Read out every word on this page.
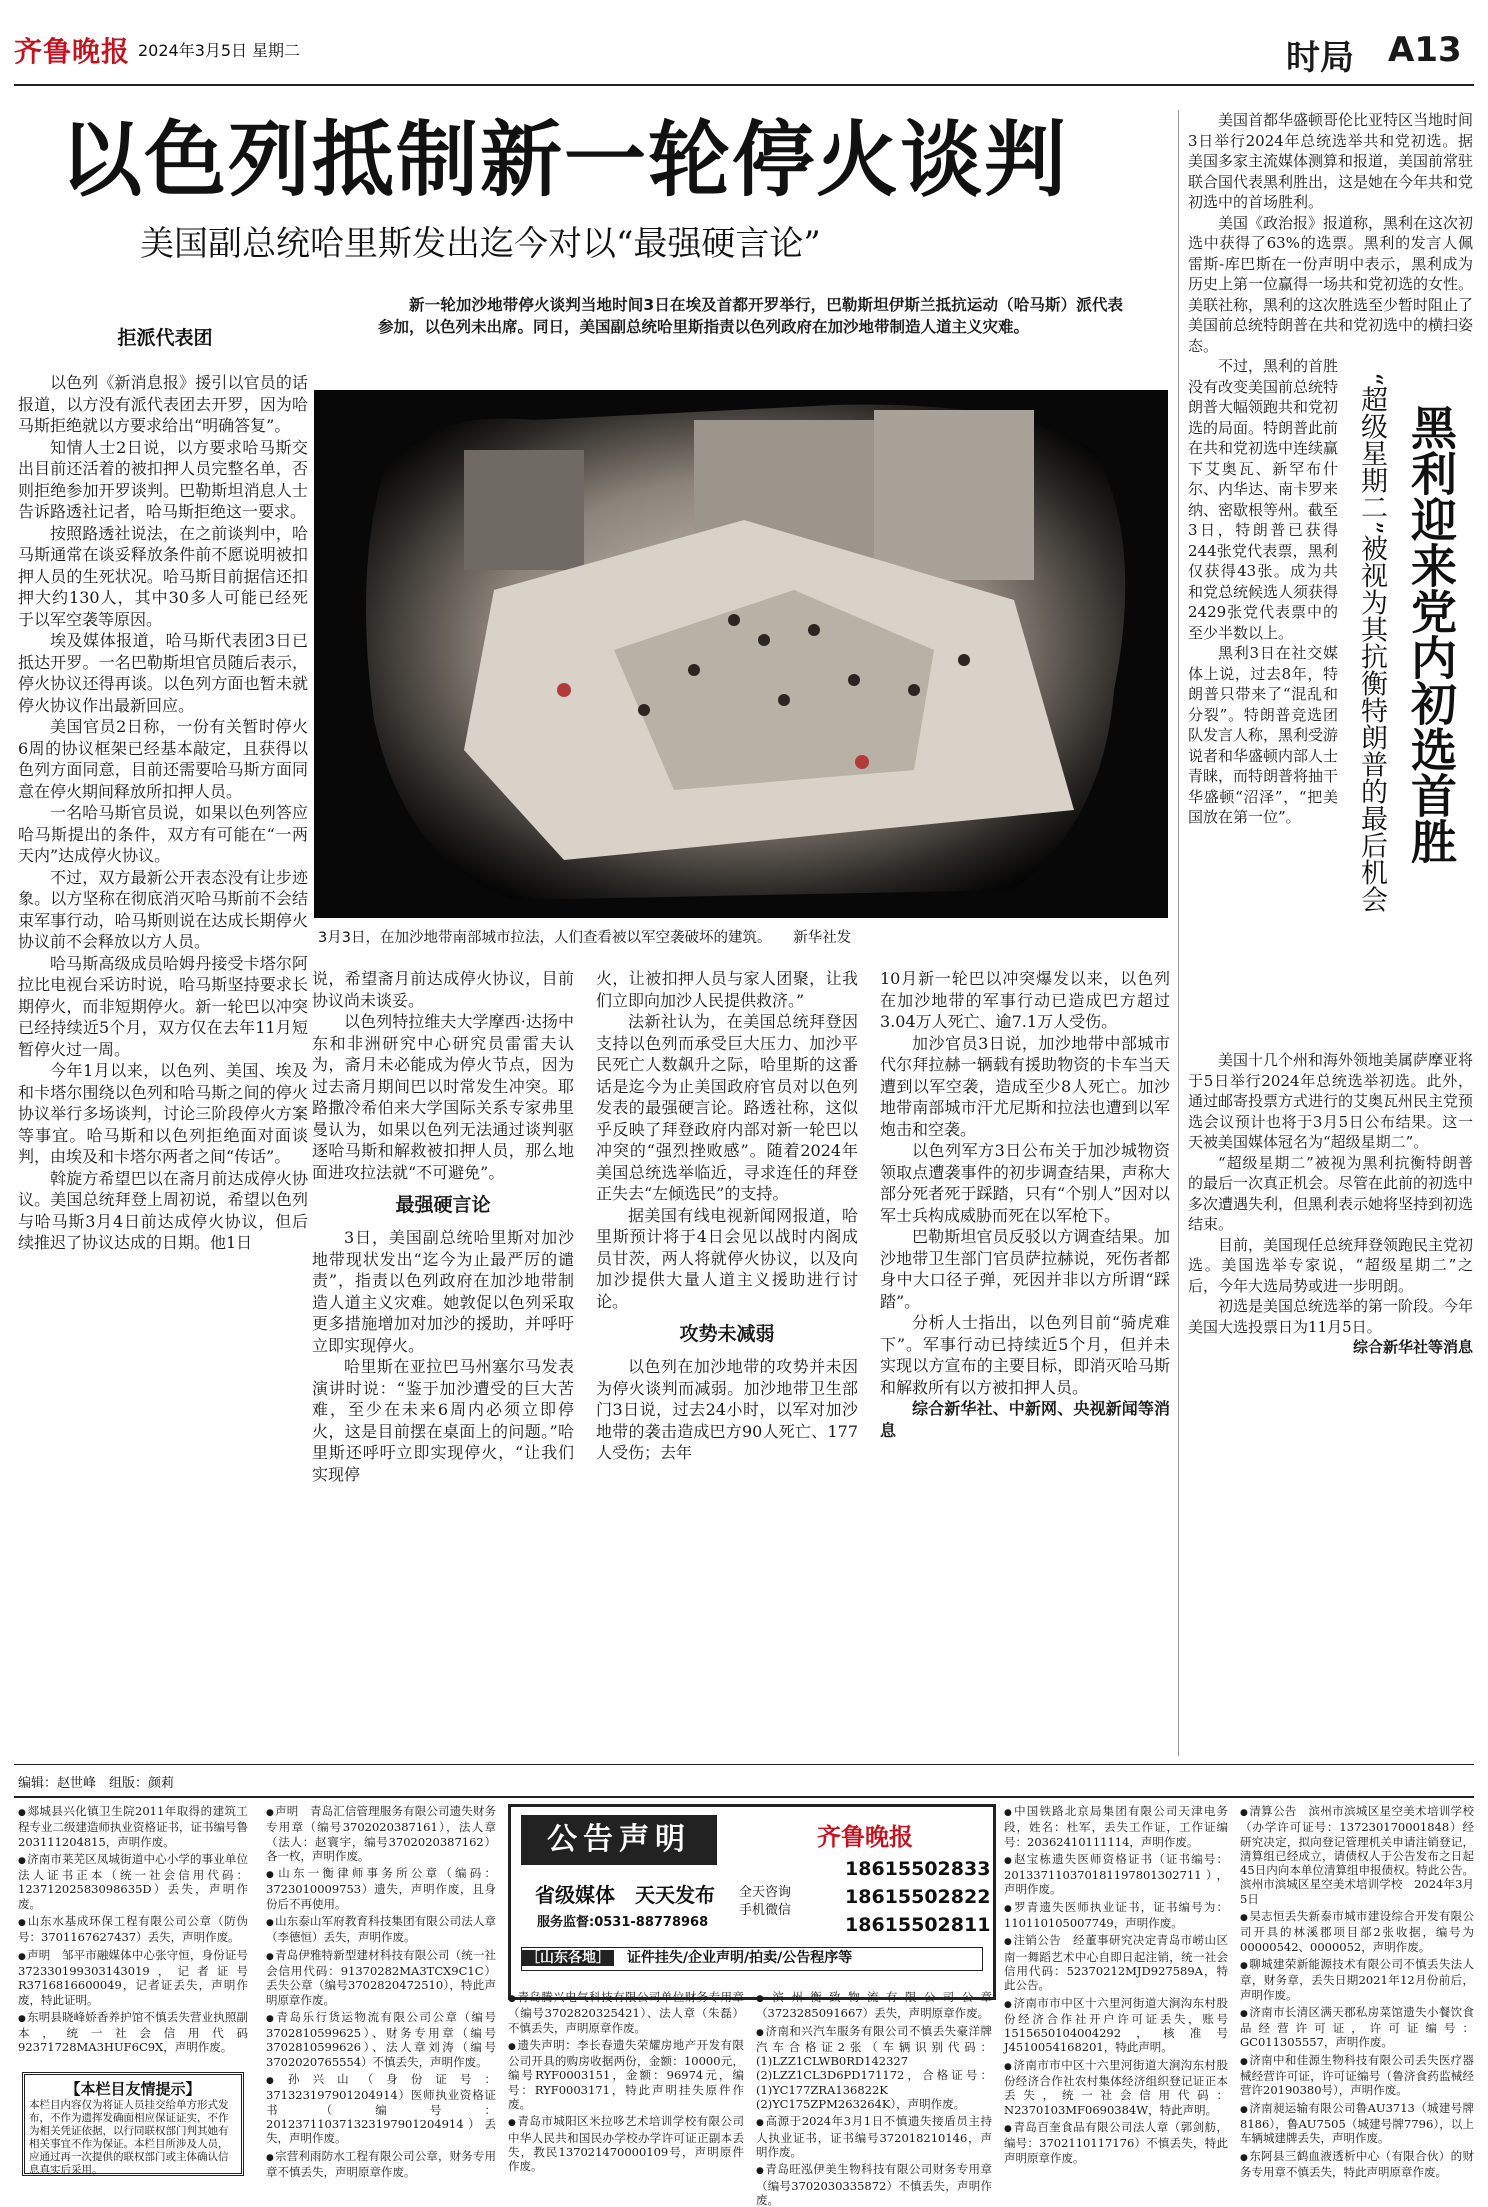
齐鲁晚报 2024年3月5日 星期二	时局 A13
以色列抵制新一轮停火谈判
美国副总统哈里斯发出迄今对以“最强硬言论”

新一轮加沙地带停火谈判当地时间3日在埃及首都开罗举行，巴勒斯坦伊斯兰抵抗运动（哈马斯）派代表参加，以色列未出席。同日，美国副总统哈里斯指责以色列政府在加沙地带制造人道主义灾难。

3月3日，在加沙地带南部城市拉法，人们查看被以军空袭破坏的建筑。　　新华社发
拒派代表团

以色列《新消息报》援引以官员的话报道，以方没有派代表团去开罗，因为哈马斯拒绝就以方要求给出“明确答复”。

知情人士2日说，以方要求哈马斯交出目前还活着的被扣押人员完整名单，否则拒绝参加开罗谈判。巴勒斯坦消息人士告诉路透社记者，哈马斯拒绝这一要求。

按照路透社说法，在之前谈判中，哈马斯通常在谈妥释放条件前不愿说明被扣押人员的生死状况。哈马斯目前据信还扣押大约130人，其中30多人可能已经死于以军空袭等原因。

埃及媒体报道，哈马斯代表团3日已抵达开罗。一名巴勒斯坦官员随后表示，停火协议还得再谈。以色列方面也暂未就停火协议作出最新回应。

美国官员2日称，一份有关暂时停火6周的协议框架已经基本敲定，且获得以色列方面同意，目前还需要哈马斯方面同意在停火期间释放所扣押人员。

一名哈马斯官员说，如果以色列答应哈马斯提出的条件，双方有可能在“一两天内”达成停火协议。

不过，双方最新公开表态没有让步迹象。以方坚称在彻底消灭哈马斯前不会结束军事行动，哈马斯则说在达成长期停火协议前不会释放以方人员。

哈马斯高级成员哈姆丹接受卡塔尔阿拉比电视台采访时说，哈马斯坚持要求长期停火，而非短期停火。新一轮巴以冲突已经持续近5个月，双方仅在去年11月短暂停火过一周。

今年1月以来，以色列、美国、埃及和卡塔尔围绕以色列和哈马斯之间的停火协议举行多场谈判，讨论三阶段停火方案等事宜。哈马斯和以色列拒绝面对面谈判，由埃及和卡塔尔两者之间“传话”。

斡旋方希望巴以在斋月前达成停火协议。美国总统拜登上周初说，希望以色列与哈马斯3月4日前达成停火协议，但后续推迟了协议达成的日期。他1日

说，希望斋月前达成停火协议，目前协议尚未谈妥。

以色列特拉维夫大学摩西·达扬中东和非洲研究中心研究员雷雷夫认为，斋月未必能成为停火节点，因为过去斋月期间巴以时常发生冲突。耶路撒冷希伯来大学国际关系专家弗里曼认为，如果以色列无法通过谈判驱逐哈马斯和解救被扣押人员，那么地面进攻拉法就“不可避免”。

最强硬言论

3日，美国副总统哈里斯对加沙地带现状发出“迄今为止最严厉的谴责”，指责以色列政府在加沙地带制造人道主义灾难。她敦促以色列采取更多措施增加对加沙的援助，并呼吁立即实现停火。

哈里斯在亚拉巴马州塞尔马发表演讲时说：“鉴于加沙遭受的巨大苦难，至少在未来6周内必须立即停火，这是目前摆在桌面上的问题。”哈里斯还呼吁立即实现停火，“让我们实现停

火，让被扣押人员与家人团聚，让我们立即向加沙人民提供救济。”

法新社认为，在美国总统拜登因支持以色列而承受巨大压力、加沙平民死亡人数飙升之际，哈里斯的这番话是迄今为止美国政府官员对以色列发表的最强硬言论。路透社称，这似乎反映了拜登政府内部对新一轮巴以冲突的“强烈挫败感”。随着2024年美国总统选举临近，寻求连任的拜登正失去“左倾选民”的支持。

据美国有线电视新闻网报道，哈里斯预计将于4日会见以战时内阁成员甘茨，两人将就停火协议，以及向加沙提供大量人道主义援助进行讨论。

攻势未减弱

以色列在加沙地带的攻势并未因为停火谈判而减弱。加沙地带卫生部门3日说，过去24小时，以军对加沙地带的袭击造成巴方90人死亡、177人受伤；去年

10月新一轮巴以冲突爆发以来，以色列在加沙地带的军事行动已造成巴方超过3.04万人死亡、逾7.1万人受伤。

加沙官员3日说，加沙地带中部城市代尔拜拉赫一辆载有援助物资的卡车当天遭到以军空袭，造成至少8人死亡。加沙地带南部城市汗尤尼斯和拉法也遭到以军炮击和空袭。

以色列军方3日公布关于加沙城物资领取点遭袭事件的初步调查结果，声称大部分死者死于踩踏，只有“个别人”因对以军士兵构成威胁而死在以军枪下。

巴勒斯坦官员反驳以方调查结果。加沙地带卫生部门官员萨拉赫说，死伤者都身中大口径子弹，死因并非以方所谓“踩踏”。

分析人士指出，以色列目前“骑虎难下”。军事行动已持续近5个月，但并未实现以方宣布的主要目标，即消灭哈马斯和解救所有以方被扣押人员。

综合新华社、中新网、央视新闻等消息

美国首都华盛顿哥伦比亚特区当地时间3日举行2024年总统选举共和党初选。据美国多家主流媒体测算和报道，美国前常驻联合国代表黑利胜出，这是她在今年共和党初选中的首场胜利。

美国《政治报》报道称，黑利在这次初选中获得了63%的选票。黑利的发言人佩雷斯-库巴斯在一份声明中表示，黑利成为历史上第一位赢得一场共和党初选的女性。美联社称，黑利的这次胜选至少暂时阻止了美国前总统特朗普在共和党初选中的横扫姿态。

不过，黑利的首胜没有改变美国前总统特朗普大幅领跑共和党初选的局面。特朗普此前在共和党初选中连续赢下艾奥瓦、新罕布什尔、内华达、南卡罗来纳、密歇根等州。截至3日，特朗普已获得244张党代表票，黑利仅获得43张。成为共和党总统候选人须获得2429张党代表票中的至少半数以上。

黑利3日在社交媒体上说，过去8年，特朗普只带来了“混乱和分裂”。特朗普竞选团队发言人称，黑利受游说者和华盛顿内部人士青睐，而特朗普将抽干华盛顿“沼泽”，“把美国放在第一位”。	黑利迎来党内初选首胜
“超级星期二”被视为其抗衡特朗普的最后机会

美国十几个州和海外领地美属萨摩亚将于5日举行2024年总统选举初选。此外，通过邮寄投票方式进行的艾奥瓦州民主党预选会议预计也将于3月5日公布结果。这一天被美国媒体冠名为“超级星期二”。

“超级星期二”被视为黑利抗衡特朗普的最后一次真正机会。尽管在此前的初选中多次遭遇失利，但黑利表示她将坚持到初选结束。

目前，美国现任总统拜登领跑民主党初选。美国选举专家说，“超级星期二”之后，今年大选局势或进一步明朗。

初选是美国总统选举的第一阶段。今年美国大选投票日为11月5日。

综合新华社等消息

编辑：赵世峰　组版：颜莉
●郯城县兴化镇卫生院2011年取得的建筑工程专业二级建造师执业资格证书，证书编号鲁203111204815，声明作废。
●济南市莱芜区凤城街道中心小学的事业单位法人证书正本（统一社会信用代码：12371202583098635D）丢失，声明作废。
●山东水基成环保工程有限公司公章（防伪号：3701167627437）丢失，声明作废。
●声明　邹平市融媒体中心张守恒，身份证号372330199303143019，记者证号R3716816600049，记者证丢失，声明作废，特此证明。
●东明县晓峰娇香养护馆不慎丢失营业执照副本，统一社会信用代码92371728MA3HUF6C9X，声明作废。
【本栏目友情提示】
本栏目内容仅为将证人员挂交给单方形式发布，不作为遗挥发确面相应保证证实，不作为相关凭证依据，以行同联权部门判其她有相关事宜不作为保证。本栏目所涉及人员，应通过再一次提供的联权部门或主体确认信息真实后采用。
●声明　青岛汇信管理服务有限公司遗失财务专用章（编号3702020387161），法人章（法人：赵寰宇，编号3702020387162）各一枚，声明作废。
●山东一衡律师事务所公章（编码：3723010009753）遗失，声明作废，且身份后不再使用。
●山东泰山军府教育科技集团有限公司法人章（李德恒）丢失，声明作废。
●青岛伊雅特新型建材科技有限公司（统一社会信用代码：91370282MA3TCX9C1C）丢失公章（编号3702820472510），特此声明原章作废。
●青岛乐行货运物流有限公司公章（编号3702810599625）、财务专用章（编号3702810599626）、法人章刘涛（编号3702020765554）不慎丢失，声明作废。
●孙兴山（身份证号：371323197901204914）医师执业资格证书（编号：201237110371323197901204914）丢失，声明作废。
●宗营利雨防水工程有限公司公章，财务专用章不慎丢失，声明原章作废。
公告声明	齐鲁晚报
省级媒体　天天发布
服务监督:0531-88778968
全天咨询
手机微信
18615502833
18615502822
18615502811
［山东各地］ 证件挂失/企业声明/拍卖/公告程序等
●青岛腾兴电气科技有限公司单位财务专用章（编号3702820325421）、法人章（朱磊）不慎丢失，声明原章作废。
●遗失声明：李长春遗失荣耀房地产开发有限公司开具的购房收据两份，金额：10000元，编号RYF0003151，金额：96974元，编号：RYF0003171，特此声明挂失原件作废。
●青岛市城阳区米拉哆艺术培训学校有限公司中华人民共和国民办学校办学许可证正副本丢失，教民137021470000109号，声明原件作废。
●滨州衡致物流有限公司公章（3723285091667）丢失，声明原章作废。
●济南和兴汽车服务有限公司不慎丢失豪洋牌汽车合格证2张（车辆识别代码：(1)LZZ1CLWB0RD142327 (2)LZZ1CL3D6PD171172，合格证号：(1)YC177ZRA136822K (2)YC175ZPM263264K），声明作废。
●高源于2024年3月1日不慎遗失接盾员主持人执业证书，证书编号372018210146，声明作废。
●青岛旺泓伊美生物科技有限公司财务专用章（编号3702030335872）不慎丢失，声明作废。
●中国铁路北京局集团有限公司天津电务段，姓名：杜军，丢失工作证，工作证编号：20362410111114，声明作废。
●赵宝栋遗失医师资格证书（证书编号：201337110370181197801302711），声明作废。
●罗青遗失医师执业证书，证书编号为：110110105007749，声明作废。
●注销公告　经董事研究决定青岛市崂山区南一舞蹈艺术中心自即日起注销，统一社会信用代码：52370212MJD927589A，特此公告。
●济南市市中区十六里河街道大涧沟东村股份经济合作社开户许可证丢失，账号1515650104004292，核准号J4510054168201，特此声明。
●济南市市中区十六里河街道大涧沟东村股份经济合作社农村集体经济组织登记证正本丢失，统一社会信用代码：N2370103MF0690384W，特此声明。
●青岛百奎食品有限公司法人章（郭剑舫，编号：3702110117176）不慎丢失，特此声明原章作废。
●清算公告　滨州市滨城区星空美术培训学校（办学许可证号：137230170001848）经研究决定，拟向登记管理机关申请注销登记，清算组已经成立，请债权人于公告发布之日起45日内向本单位清算组申报债权。特此公告。滨州市滨城区星空美术培训学校　2024年3月5日
●吴志恒丢失新泰市城市建设综合开发有限公司开具的林溪郡项目部2张收据，编号为00000542、0000052，声明作废。
●聊城建荣新能源技术有限公司不慎丢失法人章，财务章，丢失日期2021年12月份前后，声明作废。
●济南市长清区满天郡私房菜馆遗失小餐饮食品经营许可证，许可证编号：GC011305557，声明作废。
●济南中和佳源生物科技有限公司丢失医疗器械经营许可证，许可证编号（鲁济食药监械经营许20190380号），声明作废。
●济南昶运输有限公司鲁AU3713（城建号牌8186），鲁AU7505（城建号牌7796），以上车辆城建牌丢失，声明作废。
●东阿县三鹤血液透析中心（有限合伙）的财务专用章不慎丢失，特此声明原章作废。
